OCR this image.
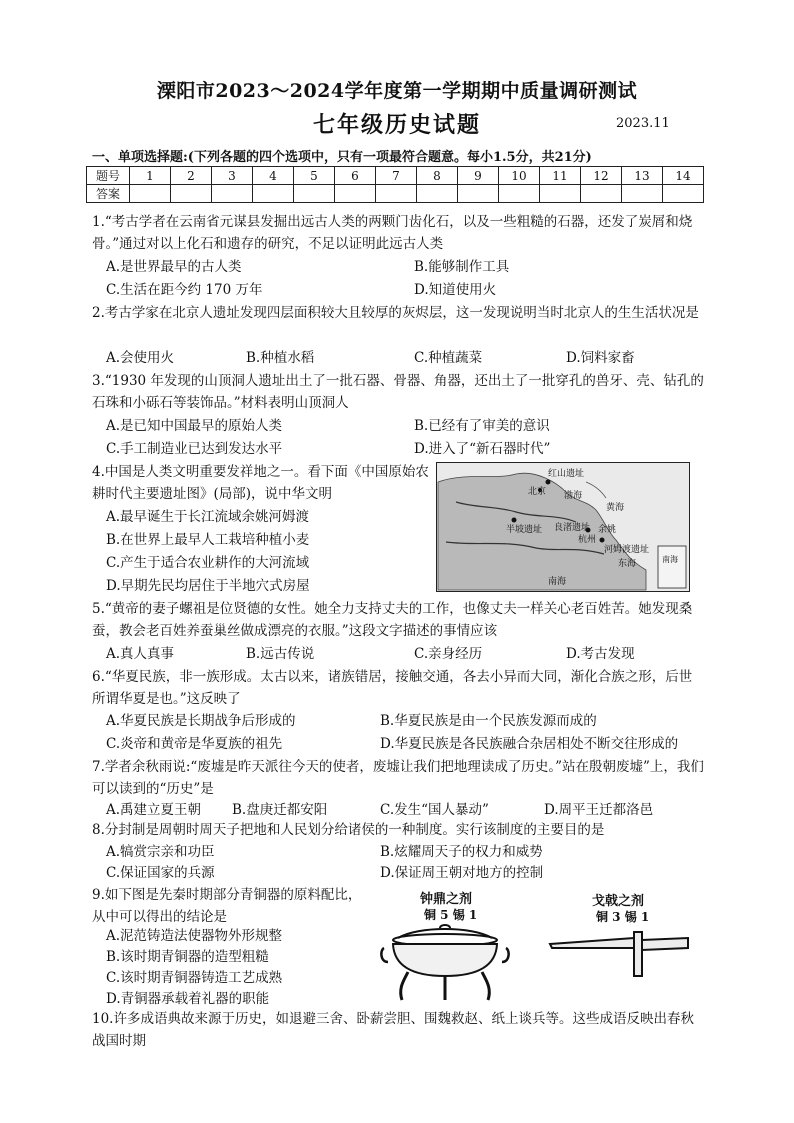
溧阳市2023～2024学年度第一学期期中质量调研测试
七年级历史试题	2023.11
一、单项选择题:(下列各题的四个选项中，只有一项最符合题意。每小1.5分，共21分)
题号	1	2	3	4	5	6	7	8	9	10	11	12	13	14
答案														
1.“考古学者在云南省元谋县发掘出远古人类的两颗门齿化石，以及一些粗糙的石器，还发了炭屑和烧骨。”通过对以上化石和遗存的研究，不足以证明此远古人类
A.是世界最早的古人类	B.能够制作工具
C.生活在距今约 170 万年	D.知道使用火
2.考古学家在北京人遗址发现四层面积较大且较厚的灰烬层，这一发现说明当时北京人的生生活状况是
A.会使用火	B.种植水稻	C.种植蔬菜	D.饲料家畜
3.“1930 年发现的山顶洞人遗址出土了一批石器、骨器、角器，还出土了一批穿孔的兽牙、壳、钻孔的石珠和小砾石等装饰品。”材料表明山顶洞人
A.是已知中国最早的原始人类	B.已经有了审美的意识
C.手工制造业已达到发达水平	D.进入了“新石器时代”
4.中国是人类文明重要发祥地之一。看下面《中国原始农耕时代主要遗址图》(局部)，说中华文明
A.最早诞生于长江流域余姚河姆渡
B.在世界上最早人工栽培种植小麦
C.产生于适合农业耕作的大河流域
D.早期先民均居住于半地穴式房屋
红山遗址
北京 渤海
黄海
半坡遗址 良渚遗址
杭州
余姚
河姆渡遗址
东海
南海
南海
5.“黄帝的妻子螺祖是位贤德的女性。她全力支持丈夫的工作，也像丈夫一样关心老百姓苦。她发现桑蚕，教会老百姓养蚕巢丝做成漂亮的衣服。”这段文字描述的事情应该
A.真人真事	B.远古传说	C.亲身经历	D.考古发现
6.“华夏民族，非一族形成。太古以来，诸族错居，接触交通，各去小异而大同，渐化合族之形，后世所谓华夏是也。”这反映了
A.华夏民族是长期战争后形成的	B.华夏民族是由一个民族发源而成的
C.炎帝和黄帝是华夏族的祖先	D.华夏民族是各民族融合杂居相处不断交往形成的
7.学者余秋雨说:“废墟是昨天派往今天的使者，废墟让我们把地理读成了历史。”站在殷朝废墟”上，我们可以读到的“历史”是
A.禹建立夏王朝 B.盘庚迁都安阳	C.发生“国人暴动”	D.周平王迁都洛邑
8.分封制是周朝时周天子把地和人民划分给诸侯的一种制度。实行该制度的主要目的是
A.犒赏宗亲和功臣	B.炫耀周天子的权力和威势
C.保证国家的兵源	D.保证周王朝对地方的控制
9.如下图是先秦时期部分青铜器的原料配比，从中可以得出的结论是
A.泥范铸造法使器物外形规整
B.该时期青铜器的造型粗糙
C.该时期青铜器铸造工艺成熟
D.青铜器承载着礼器的职能
钟鼎之剂
铜 5 锡 1
戈戟之剂
铜 3 锡 1
10.许多成语典故来源于历史，如退避三舍、卧薪尝胆、围魏救赵、纸上谈兵等。这些成语反映出春秋战国时期
